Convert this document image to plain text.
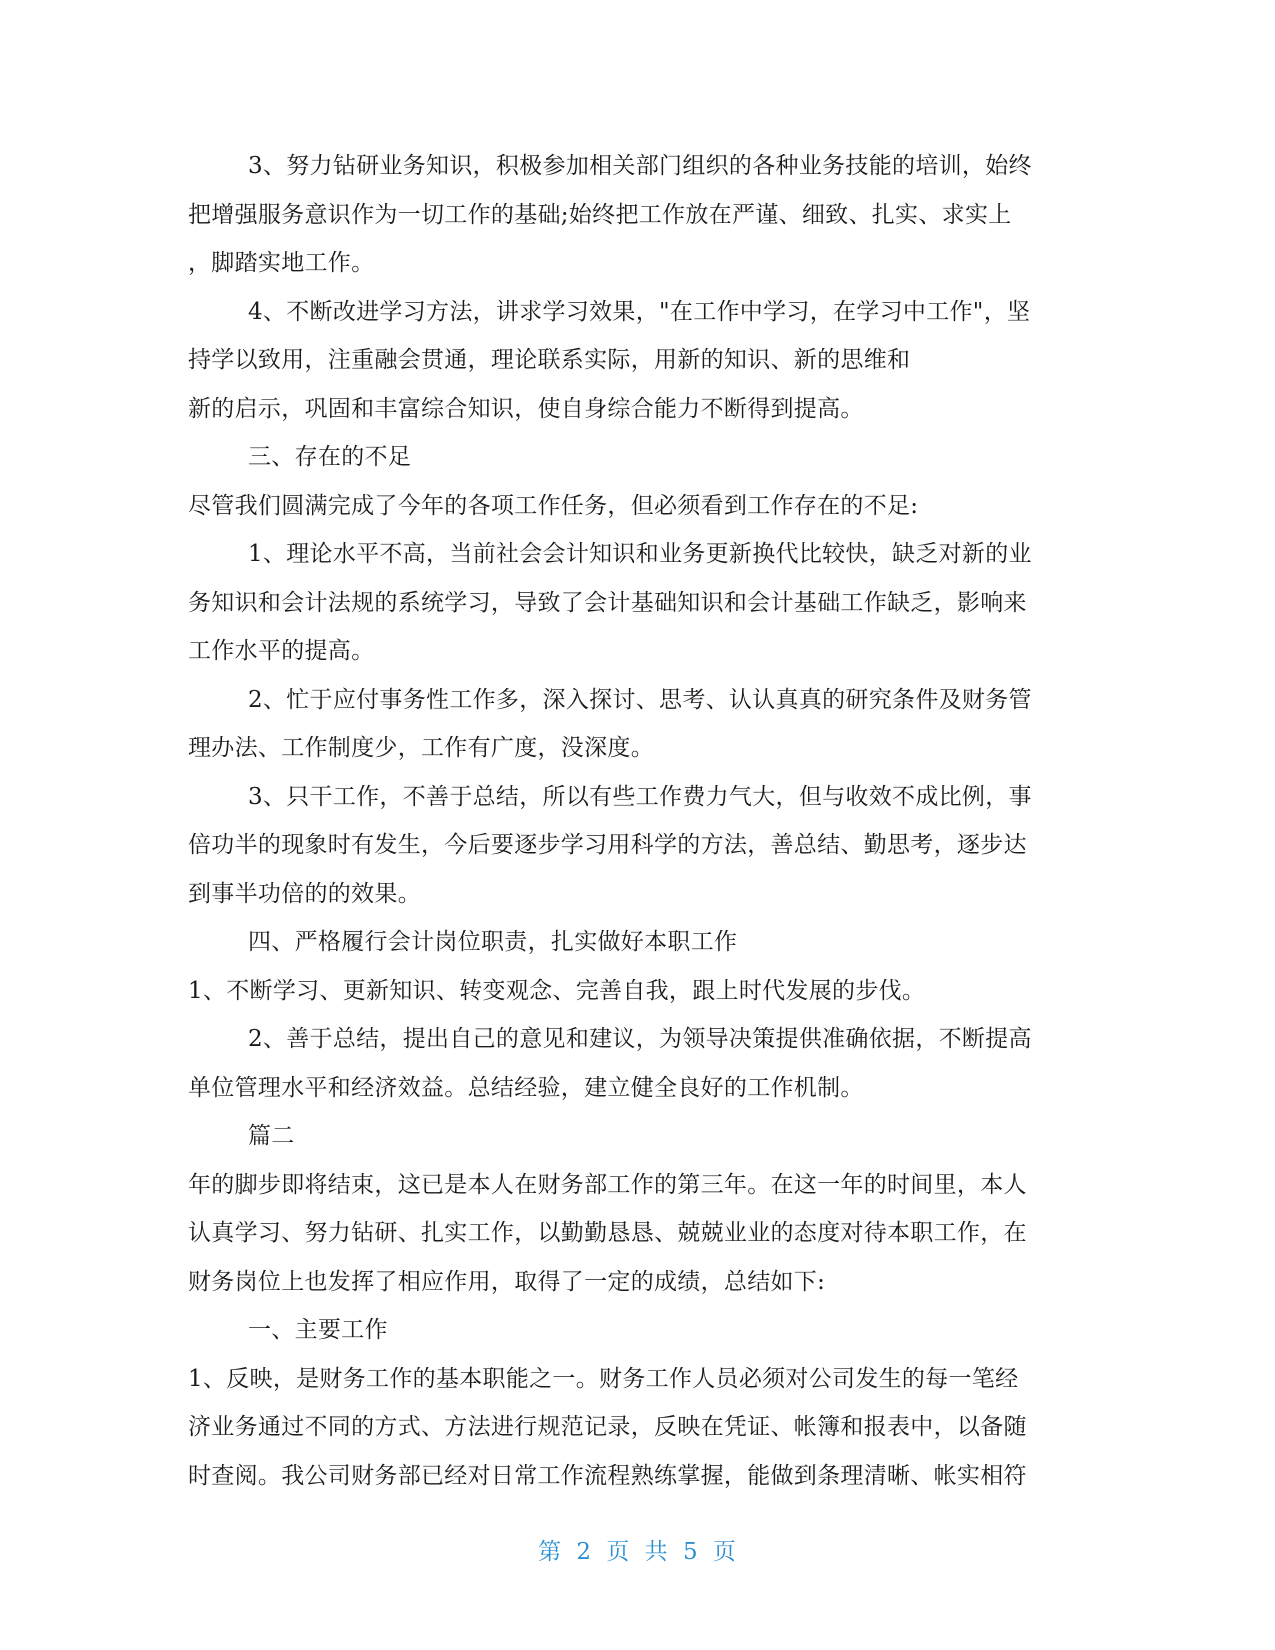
3、努力钻研业务知识，积极参加相关部门组织的各种业务技能的培训，始终
把增强服务意识作为一切工作的基础;始终把工作放在严谨、细致、扎实、求实上
，脚踏实地工作。
4、不断改进学习方法，讲求学习效果，"在工作中学习，在学习中工作"，坚
持学以致用，注重融会贯通，理论联系实际，用新的知识、新的思维和
新的启示，巩固和丰富综合知识，使自身综合能力不断得到提高。
三、存在的不足
尽管我们圆满完成了今年的各项工作任务，但必须看到工作存在的不足:
1、理论水平不高，当前社会会计知识和业务更新换代比较快，缺乏对新的业
务知识和会计法规的系统学习，导致了会计基础知识和会计基础工作缺乏，影响来
工作水平的提高。
2、忙于应付事务性工作多，深入探讨、思考、认认真真的研究条件及财务管
理办法、工作制度少，工作有广度，没深度。
3、只干工作，不善于总结，所以有些工作费力气大，但与收效不成比例，事
倍功半的现象时有发生，今后要逐步学习用科学的方法，善总结、勤思考，逐步达
到事半功倍的的效果。
四、严格履行会计岗位职责，扎实做好本职工作
1、不断学习、更新知识、转变观念、完善自我，跟上时代发展的步伐。
2、善于总结，提出自己的意见和建议，为领导决策提供准确依据，不断提高
单位管理水平和经济效益。总结经验，建立健全良好的工作机制。
篇二
年的脚步即将结束，这已是本人在财务部工作的第三年。在这一年的时间里，本人
认真学习、努力钻研、扎实工作，以勤勤恳恳、兢兢业业的态度对待本职工作，在
财务岗位上也发挥了相应作用，取得了一定的成绩，总结如下:
一、主要工作
1、反映，是财务工作的基本职能之一。财务工作人员必须对公司发生的每一笔经
济业务通过不同的方式、方法进行规范记录，反映在凭证、帐簿和报表中，以备随
时查阅。我公司财务部已经对日常工作流程熟练掌握，能做到条理清晰、帐实相符
第 2 页 共 5 页
